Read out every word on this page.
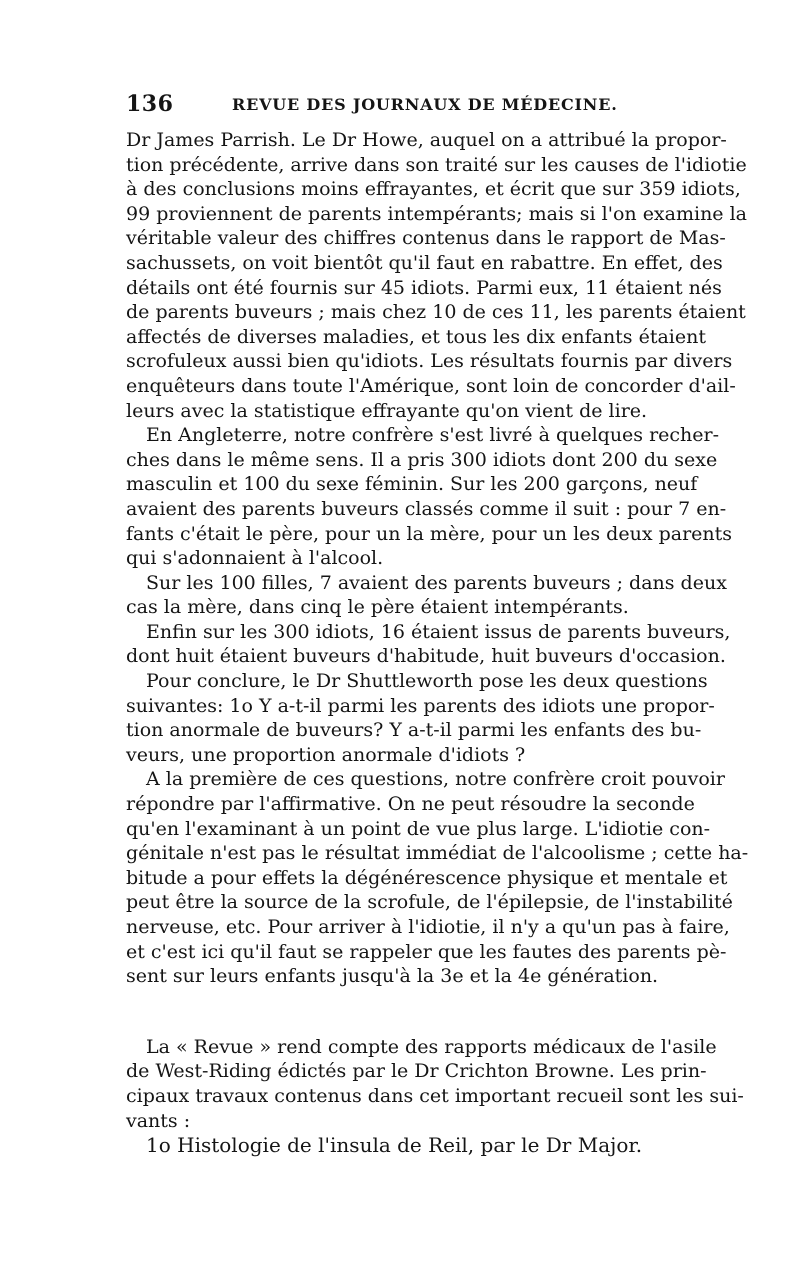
136	REVUE DES JOURNAUX DE MÉDECINE.
Dr James Parrish. Le Dr Howe, auquel on a attribué la propor-
tion précédente, arrive dans son traité sur les causes de l'idiotie
à des conclusions moins effrayantes, et écrit que sur 359 idiots,
99 proviennent de parents intempérants; mais si l'on examine la
véritable valeur des chiffres contenus dans le rapport de Mas-
sachussets, on voit bientôt qu'il faut en rabattre. En effet, des
détails ont été fournis sur 45 idiots. Parmi eux, 11 étaient nés
de parents buveurs ; mais chez 10 de ces 11, les parents étaient
affectés de diverses maladies, et tous les dix enfants étaient
scrofuleux aussi bien qu'idiots. Les résultats fournis par divers
enquêteurs dans toute l'Amérique, sont loin de concorder d'ail-
leurs avec la statistique effrayante qu'on vient de lire.
En Angleterre, notre confrère s'est livré à quelques recher-
ches dans le même sens. Il a pris 300 idiots dont 200 du sexe
masculin et 100 du sexe féminin. Sur les 200 garçons, neuf
avaient des parents buveurs classés comme il suit : pour 7 en-
fants c'était le père, pour un la mère, pour un les deux parents
qui s'adonnaient à l'alcool.
Sur les 100 filles, 7 avaient des parents buveurs ; dans deux
cas la mère, dans cinq le père étaient intempérants.
Enfin sur les 300 idiots, 16 étaient issus de parents buveurs,
dont huit étaient buveurs d'habitude, huit buveurs d'occasion.
Pour conclure, le Dr Shuttleworth pose les deux questions
suivantes: 1o Y a-t-il parmi les parents des idiots une propor-
tion anormale de buveurs? Y a-t-il parmi les enfants des bu-
veurs, une proportion anormale d'idiots ?
A la première de ces questions, notre confrère croit pouvoir
répondre par l'affirmative. On ne peut résoudre la seconde
qu'en l'examinant à un point de vue plus large. L'idiotie con-
génitale n'est pas le résultat immédiat de l'alcoolisme ; cette ha-
bitude a pour effets la dégénérescence physique et mentale et
peut être la source de la scrofule, de l'épilepsie, de l'instabilité
nerveuse, etc. Pour arriver à l'idiotie, il n'y a qu'un pas à faire,
et c'est ici qu'il faut se rappeler que les fautes des parents pè-
sent sur leurs enfants jusqu'à la 3e et la 4e génération.
La « Revue » rend compte des rapports médicaux de l'asile
de West-Riding édictés par le Dr Crichton Browne. Les prin-
cipaux travaux contenus dans cet important recueil sont les sui-
vants :
1o Histologie de l'insula de Reil, par le Dr Major.
